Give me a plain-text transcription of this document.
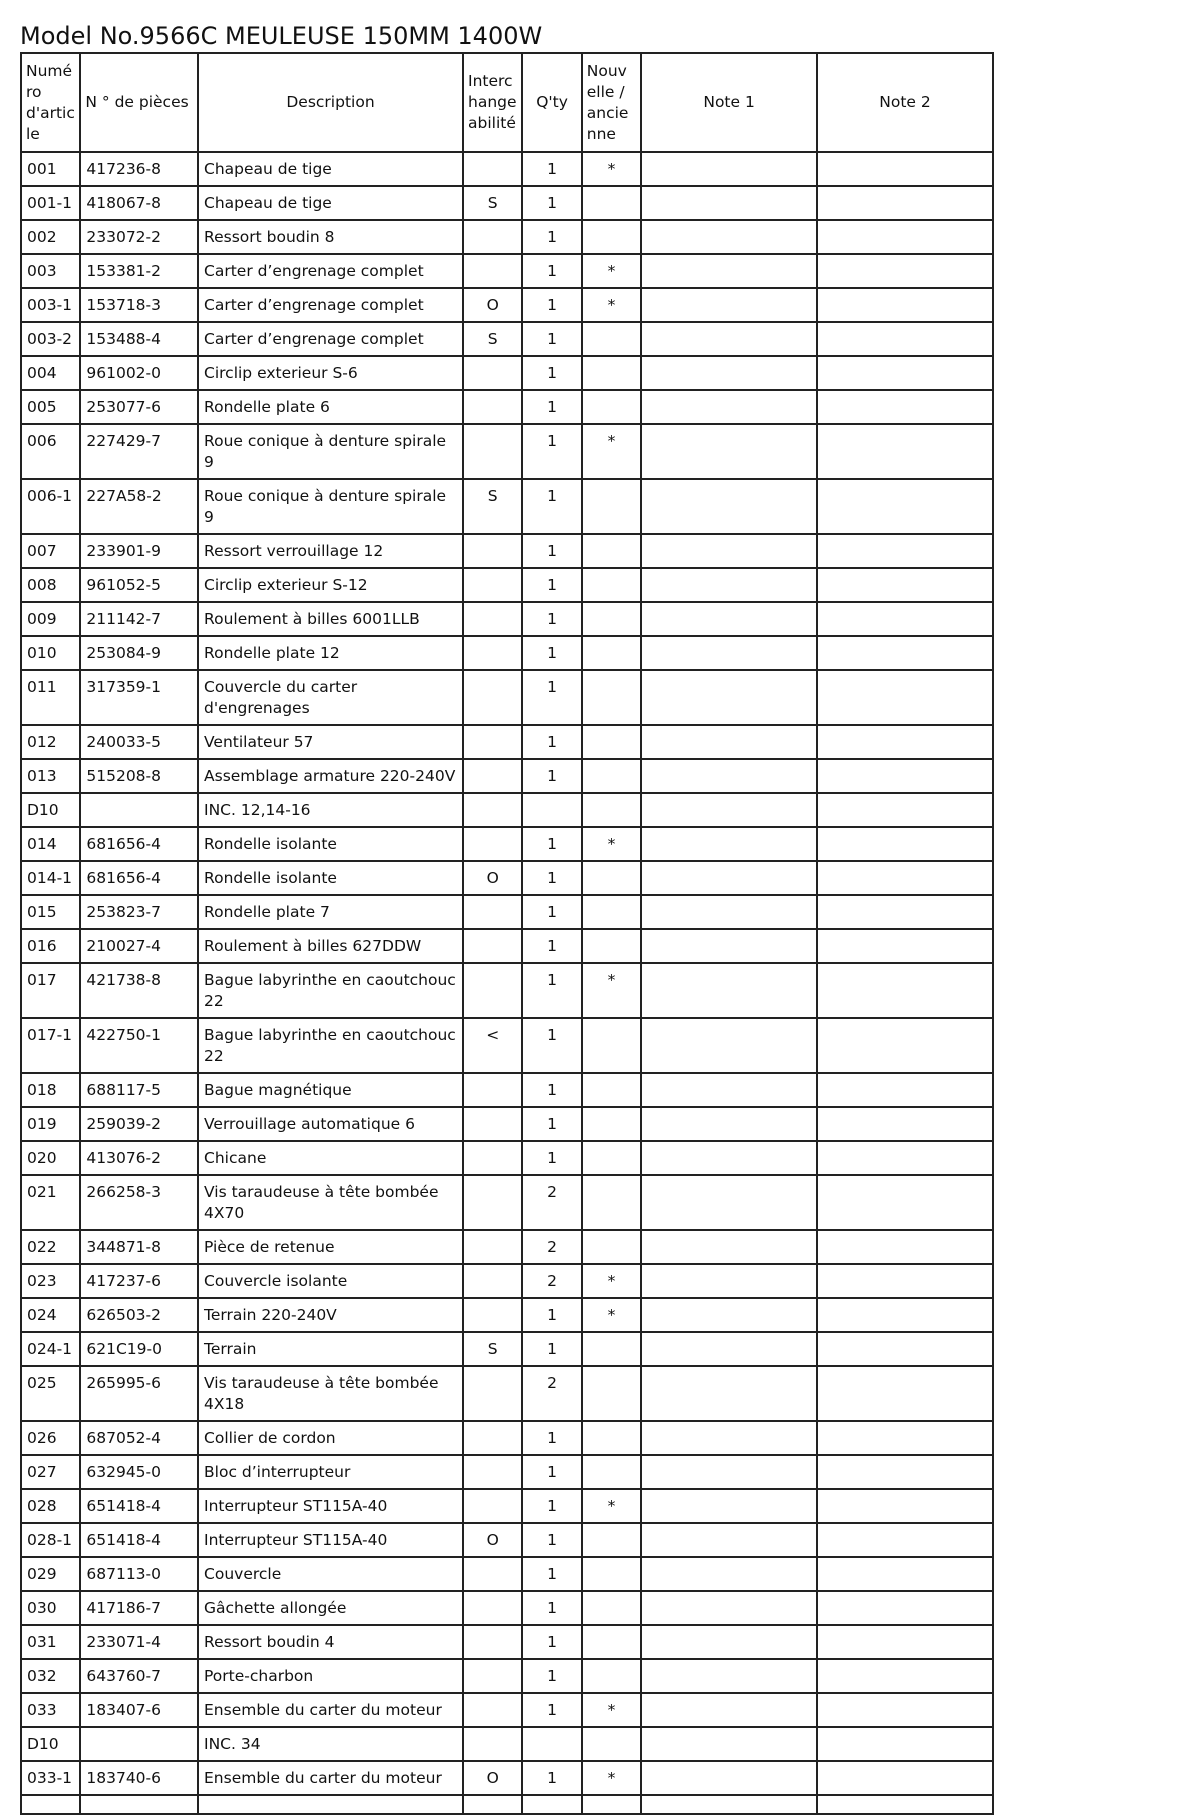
Model No.9566C MEULEUSE 150MM 1400W
Numéro d'article	N ° de pièces	Description	Interchangeabilité	Q'ty	Nouvelle / ancienne	Note 1	Note 2
001	417236-8	Chapeau de tige		1	*		
001-1	418067-8	Chapeau de tige	S	1			
002	233072-2	Ressort boudin 8		1			
003	153381-2	Carter d’engrenage complet		1	*		
003-1	153718-3	Carter d’engrenage complet	O	1	*		
003-2	153488-4	Carter d’engrenage complet	S	1			
004	961002-0	Circlip exterieur S-6		1			
005	253077-6	Rondelle plate 6		1			
006	227429-7	Roue conique à denture spirale 9		1	*		
006-1	227A58-2	Roue conique à denture spirale 9	S	1			
007	233901-9	Ressort verrouillage 12		1			
008	961052-5	Circlip exterieur S-12		1			
009	211142-7	Roulement à billes 6001LLB		1			
010	253084-9	Rondelle plate 12		1			
011	317359-1	Couvercle du carter d'engrenages		1			
012	240033-5	Ventilateur 57		1			
013	515208-8	Assemblage armature 220-240V		1			
D10		INC. 12,14-16					
014	681656-4	Rondelle isolante		1	*		
014-1	681656-4	Rondelle isolante	O	1			
015	253823-7	Rondelle plate 7		1			
016	210027-4	Roulement à billes 627DDW		1			
017	421738-8	Bague labyrinthe en caoutchouc 22		1	*		
017-1	422750-1	Bague labyrinthe en caoutchouc 22	<	1			
018	688117-5	Bague magnétique		1			
019	259039-2	Verrouillage automatique 6		1			
020	413076-2	Chicane		1			
021	266258-3	Vis taraudeuse à tête bombée 4X70		2			
022	344871-8	Pièce de retenue		2			
023	417237-6	Couvercle isolante		2	*		
024	626503-2	Terrain 220-240V		1	*		
024-1	621C19-0	Terrain	S	1			
025	265995-6	Vis taraudeuse à tête bombée 4X18		2			
026	687052-4	Collier de cordon		1			
027	632945-0	Bloc d’interrupteur		1			
028	651418-4	Interrupteur ST115A-40		1	*		
028-1	651418-4	Interrupteur ST115A-40	O	1			
029	687113-0	Couvercle		1			
030	417186-7	Gâchette allongée		1			
031	233071-4	Ressort boudin 4		1			
032	643760-7	Porte-charbon		1			
033	183407-6	Ensemble du carter du moteur		1	*		
D10		INC. 34					
033-1	183740-6	Ensemble du carter du moteur	O	1	*		
